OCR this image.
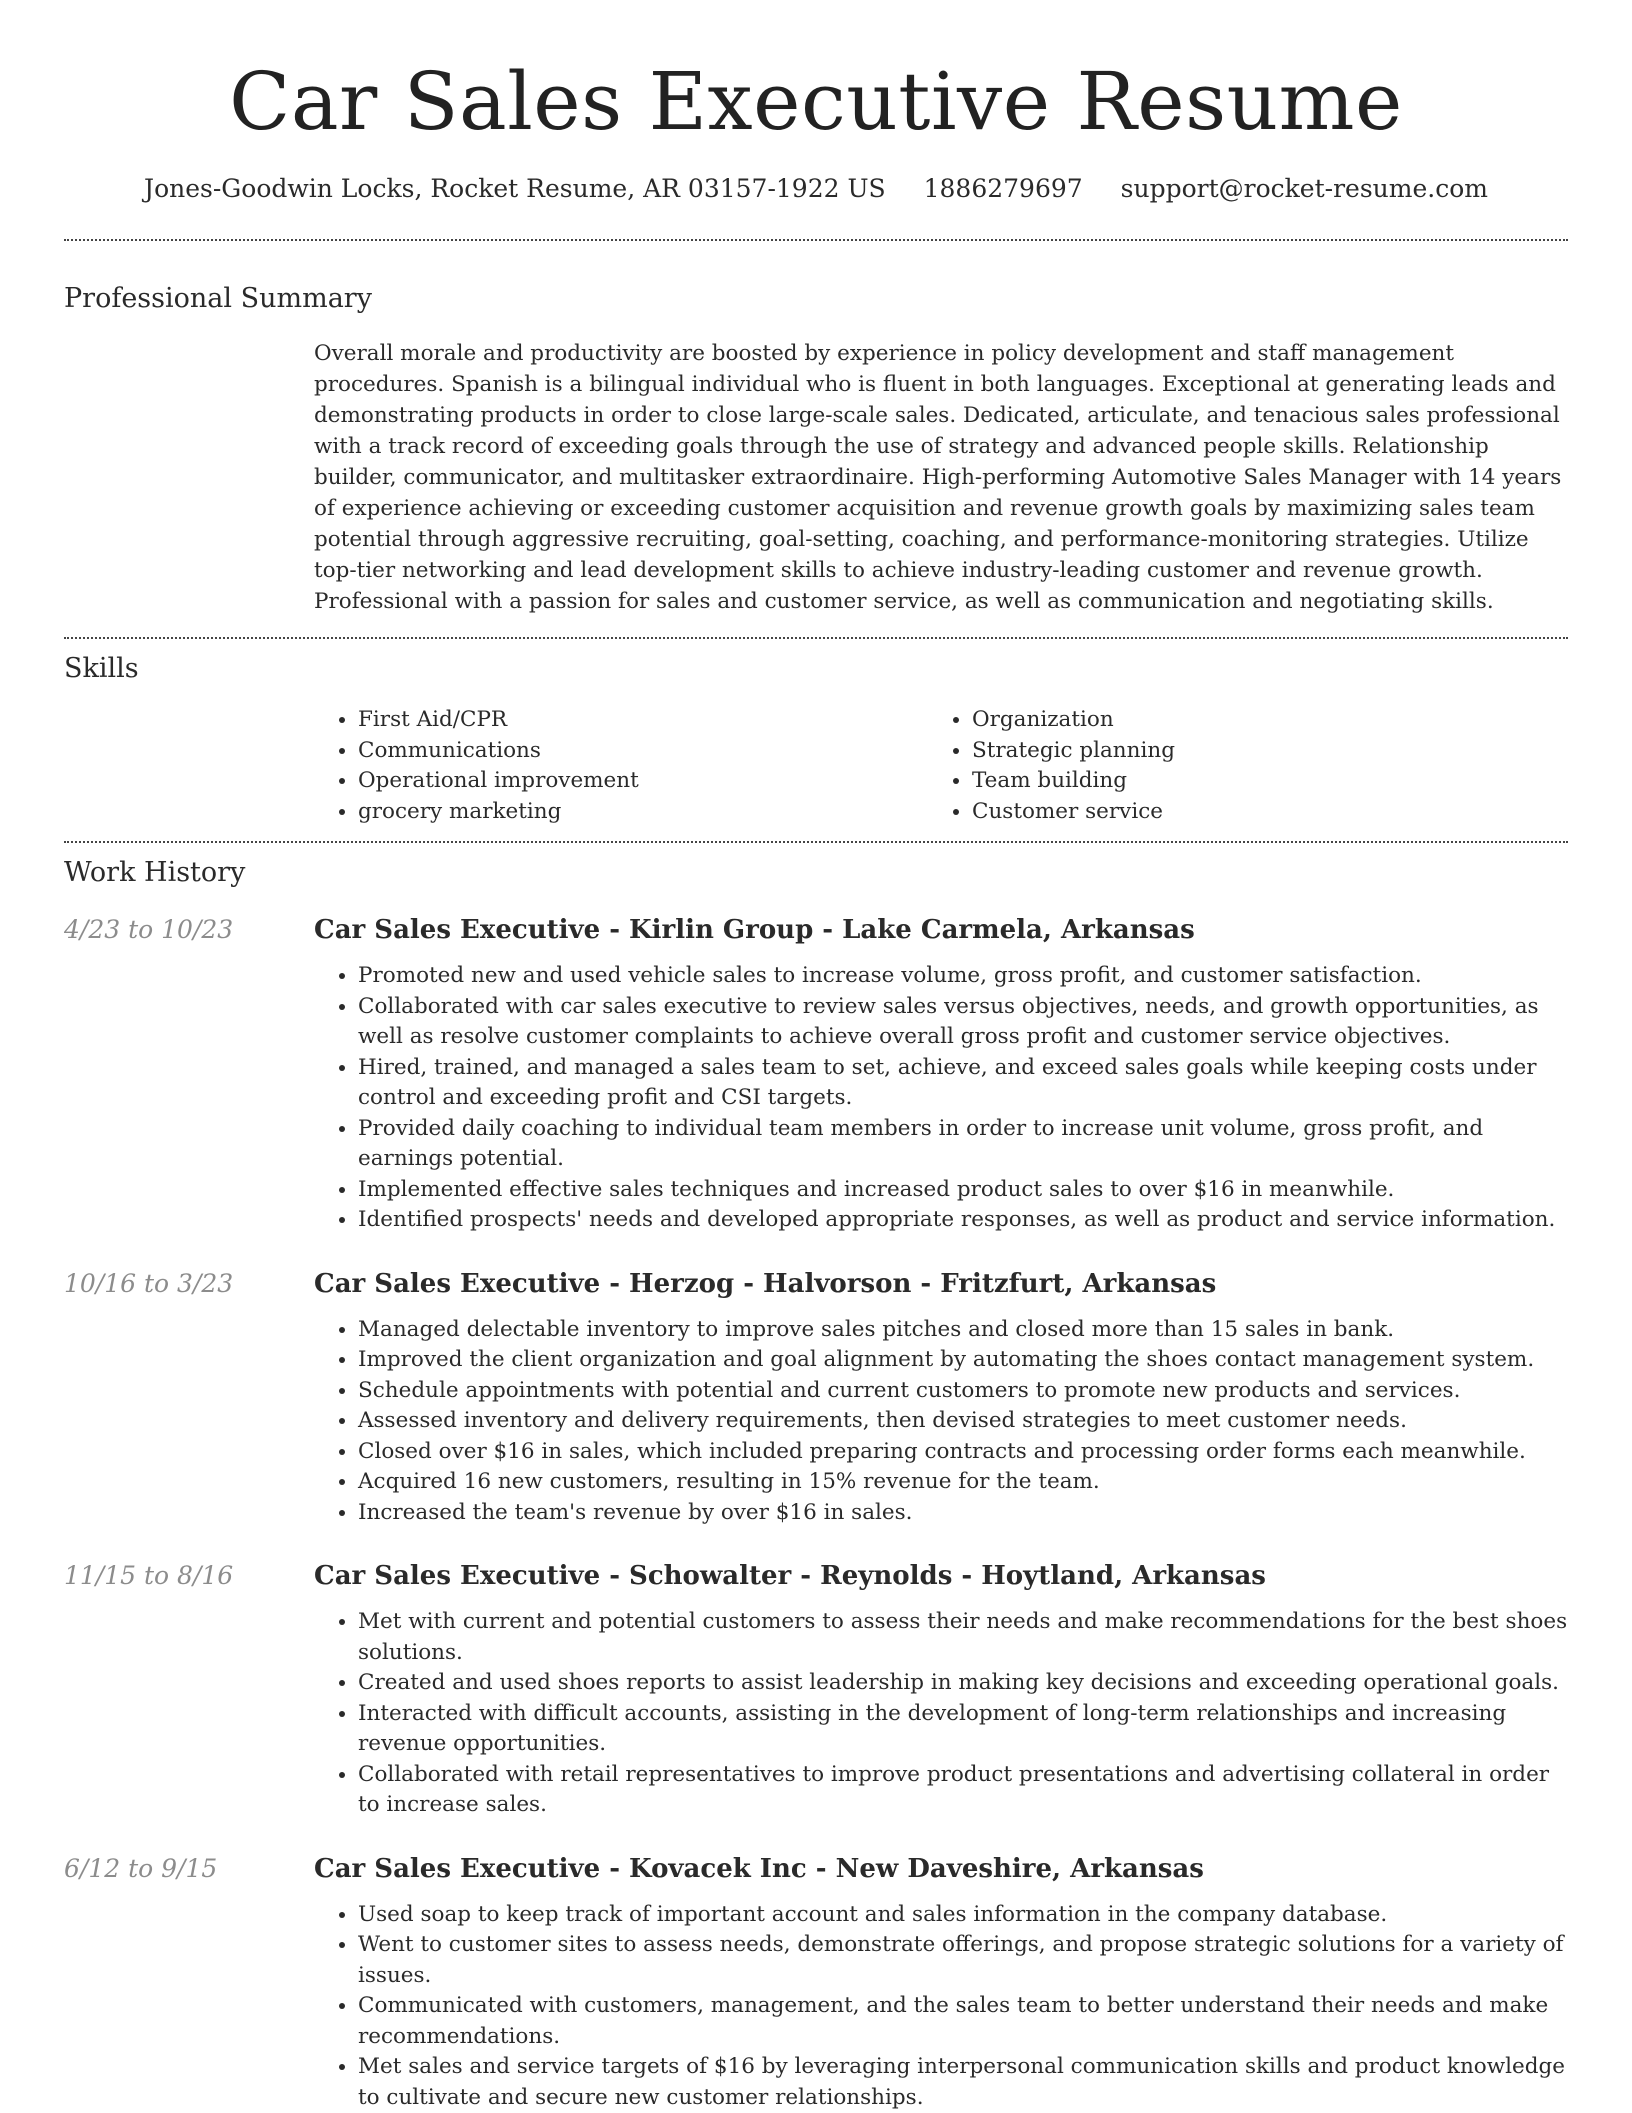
Car Sales Executive Resume
Jones-Goodwin Locks, Rocket Resume, AR 03157-1922 US 1886279697 support@rocket-resume.com
Professional Summary

Overall morale and productivity are boosted by experience in policy development and staff management procedures. Spanish is a bilingual individual who is fluent in both languages. Exceptional at generating leads and demonstrating products in order to close large-scale sales. Dedicated, articulate, and tenacious sales professional with a track record of exceeding goals through the use of strategy and advanced people skills. Relationship builder, communicator, and multitasker extraordinaire. High-performing Automotive Sales Manager with 14 years of experience achieving or exceeding customer acquisition and revenue growth goals by maximizing sales team potential through aggressive recruiting, goal-setting, coaching, and performance-monitoring strategies. Utilize top-tier networking and lead development skills to achieve industry-leading customer and revenue growth. Professional with a passion for sales and customer service, as well as communication and negotiating skills.

Skills
• First Aid/CPR
• Communications
• Operational improvement
• grocery marketing
• Organization
• Strategic planning
• Team building
• Customer service
Work History
4/23 to 10/23	Car Sales Executive - Kirlin Group - Lake Carmela, Arkansas
• Promoted new and used vehicle sales to increase volume, gross profit, and customer satisfaction.
• Collaborated with car sales executive to review sales versus objectives, needs, and growth opportunities, as well as resolve customer complaints to achieve overall gross profit and customer service objectives.
• Hired, trained, and managed a sales team to set, achieve, and exceed sales goals while keeping costs under control and exceeding profit and CSI targets.
• Provided daily coaching to individual team members in order to increase unit volume, gross profit, and earnings potential.
• Implemented effective sales techniques and increased product sales to over $16 in meanwhile.
• Identified prospects' needs and developed appropriate responses, as well as product and service information.
10/16 to 3/23	Car Sales Executive - Herzog - Halvorson - Fritzfurt, Arkansas
• Managed delectable inventory to improve sales pitches and closed more than 15 sales in bank.
• Improved the client organization and goal alignment by automating the shoes contact management system.
• Schedule appointments with potential and current customers to promote new products and services.
• Assessed inventory and delivery requirements, then devised strategies to meet customer needs.
• Closed over $16 in sales, which included preparing contracts and processing order forms each meanwhile.
• Acquired 16 new customers, resulting in 15% revenue for the team.
• Increased the team's revenue by over $16 in sales.
11/15 to 8/16	Car Sales Executive - Schowalter - Reynolds - Hoytland, Arkansas
• Met with current and potential customers to assess their needs and make recommendations for the best shoes solutions.
• Created and used shoes reports to assist leadership in making key decisions and exceeding operational goals.
• Interacted with difficult accounts, assisting in the development of long-term relationships and increasing revenue opportunities.
• Collaborated with retail representatives to improve product presentations and advertising collateral in order to increase sales.
6/12 to 9/15	Car Sales Executive - Kovacek Inc - New Daveshire, Arkansas
• Used soap to keep track of important account and sales information in the company database.
• Went to customer sites to assess needs, demonstrate offerings, and propose strategic solutions for a variety of issues.
• Communicated with customers, management, and the sales team to better understand their needs and make recommendations.
• Met sales and service targets of $16 by leveraging interpersonal communication skills and product knowledge to cultivate and secure new customer relationships.
